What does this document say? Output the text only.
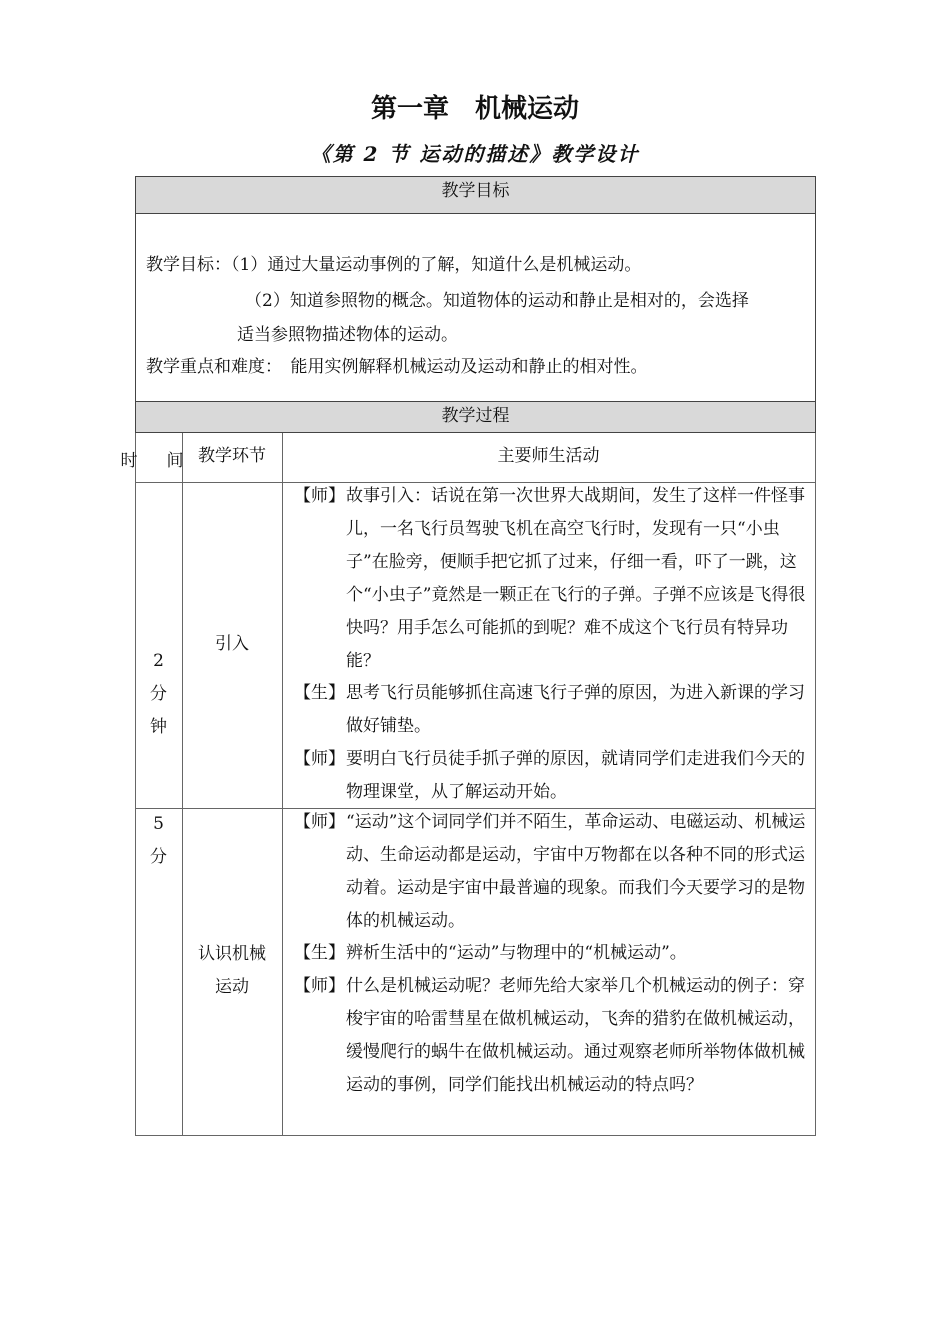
第一章　机械运动
《第 2 节 运动的描述》教学设计
教学目标
教学目标：（1）通过大量运动事例的了解，知道什么是机械运动。
（2）知道参照物的概念。知道物体的运动和静止是相对的，会选择
适当参照物描述物体的运动。
教学重点和难度：　能用实例解释机械运动及运动和静止的相对性。
教学过程
时　间 教学环节	主要师生活动
2
分
钟
引入
【师】 故事引入：话说在第一次世界大战期间，发生了这样一件怪事儿，一名飞行员驾驶飞机在高空飞行时，发现有一只“小虫子”在脸旁，便顺手把它抓了过来，仔细一看，吓了一跳，这个“小虫子”竟然是一颗正在飞行的子弹。子弹不应该是飞得很快吗？用手怎么可能抓的到呢？难不成这个飞行员有特异功能？
【生】 思考飞行员能够抓住高速飞行子弹的原因，为进入新课的学习做好铺垫。
【师】 要明白飞行员徒手抓子弹的原因，就请同学们走进我们今天的物理课堂，从了解运动开始。
5
分
认识机械
运动
【师】 “运动”这个词同学们并不陌生，革命运动、电磁运动、机械运动、生命运动都是运动，宇宙中万物都在以各种不同的形式运动着。运动是宇宙中最普遍的现象。而我们今天要学习的是物体的机械运动。
【生】 辨析生活中的“运动”与物理中的“机械运动”。
【师】 什么是机械运动呢？老师先给大家举几个机械运动的例子：穿梭宇宙的哈雷彗星在做机械运动，飞奔的猎豹在做机械运动，缓慢爬行的蜗牛在做机械运动。通过观察老师所举物体做机械运动的事例，同学们能找出机械运动的特点吗？
